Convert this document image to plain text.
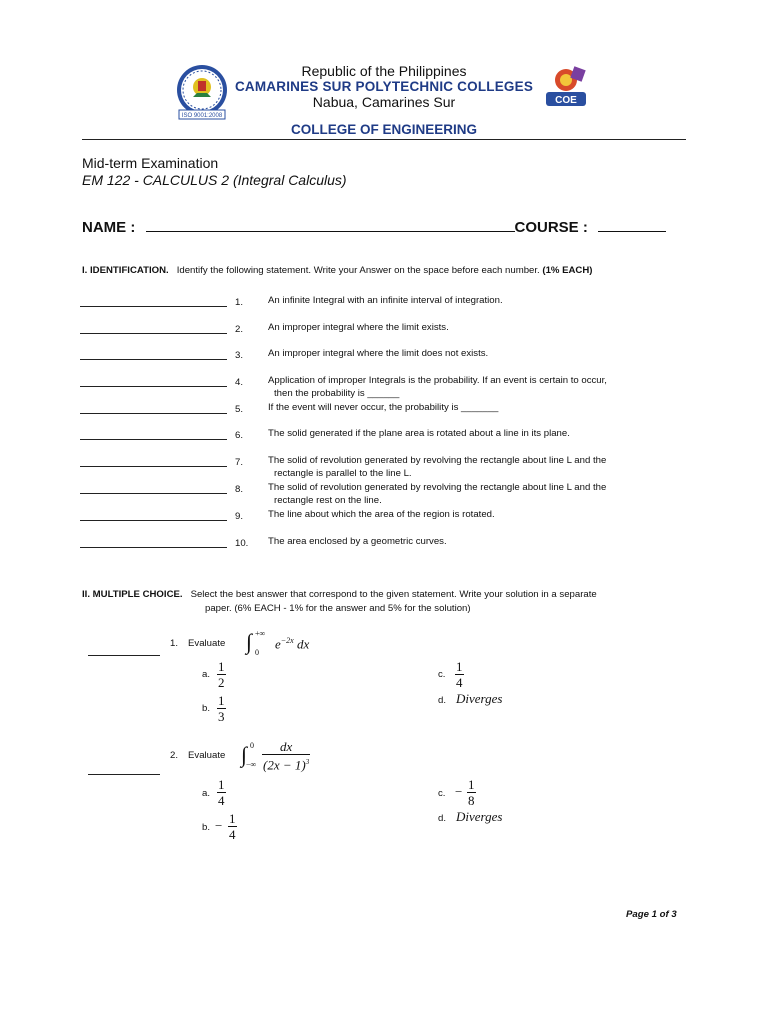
ISO 9001:2008
COE
Republic of the Philippines
CAMARINES SUR POLYTECHNIC COLLEGES
Nabua, Camarines Sur
COLLEGE OF ENGINEERING
Mid-term Examination
EM 122 - CALCULUS 2 (Integral Calculus)
NAME :	COURSE :
I. IDENTIFICATION. Identify the following statement. Write your Answer on the space before each number. (1% EACH)
1.	An infinite Integral with an infinite interval of integration.
2.	An improper integral where the limit exists.
3.	An improper integral where the limit does not exists.
4.	Application of improper Integrals is the probability. If an event is certain to occur,
then the probability is ______
5.	If the event will never occur, the probability is _______
6.	The solid generated if the plane area is rotated about a line in its plane.
7.	The solid of revolution generated by revolving the rectangle about line L and the
rectangle is parallel to the line L.
8.	The solid of revolution generated by revolving the rectangle about line L and the
rectangle rest on the line.
9.	The line about which the area of the region is rotated.
10. The area enclosed by a geometric curves.
II. MULTIPLE CHOICE. Select the best answer that correspond to the given statement. Write your solution in a separate
paper. (6% EACH - 1% for the answer and 5% for the solution)
1. Evaluate ∫ +∞
0
$e^{-2x}$ dx
a.
1
2
b.
1
3
c.
1
4
d. Diverges
2. Evaluate ∫ 0
−∞
dx
$(2x - 1)^3$
a.
1
4
b. − 1
4
c. − 1
8
d. Diverges
Page 1 of 3
